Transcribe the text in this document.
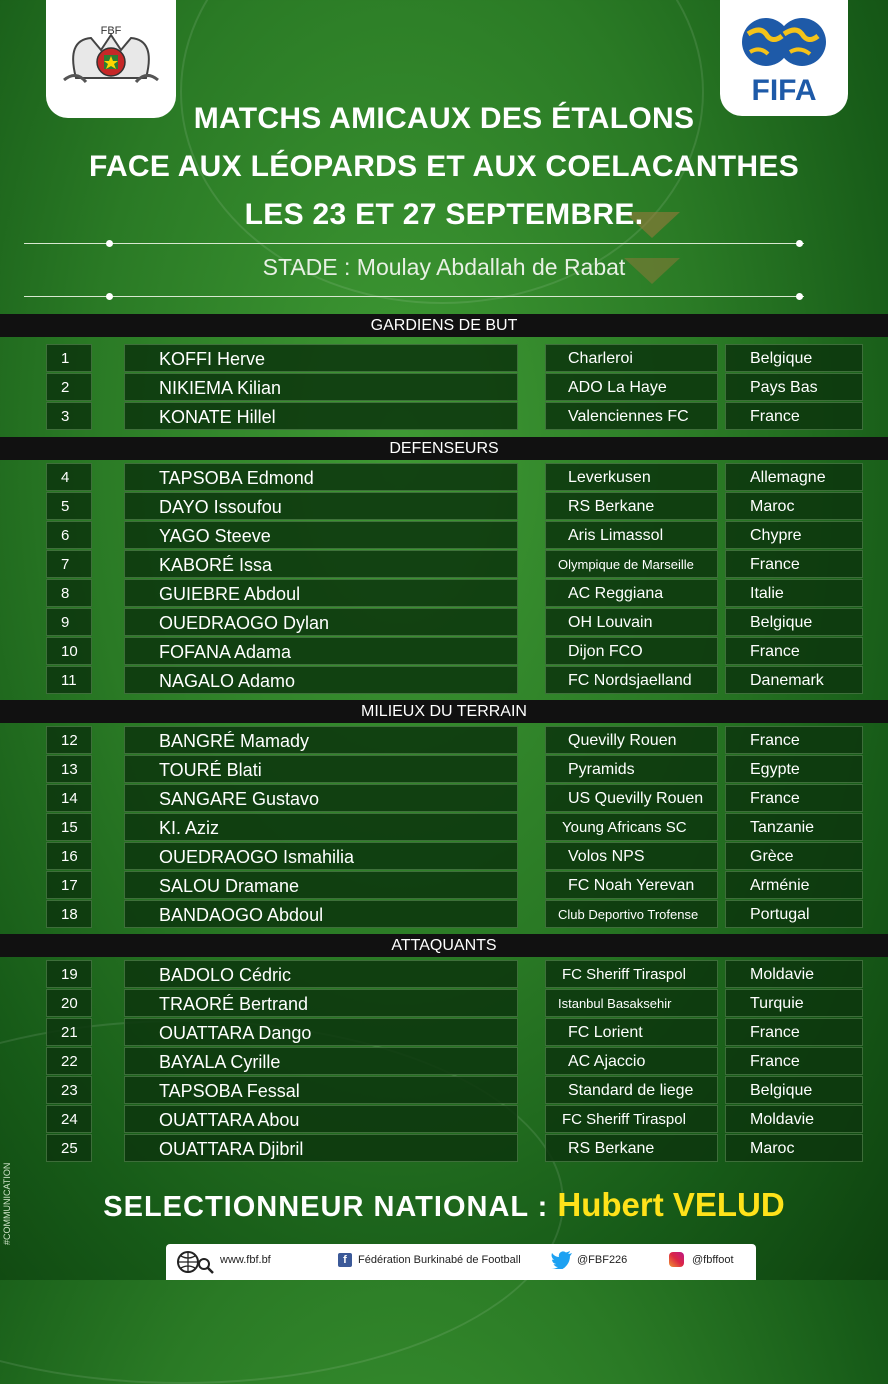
FBF
FIFA
MATCHS AMICAUX DES ÉTALONS
FACE AUX LÉOPARDS ET AUX COELACANTHES
LES 23 ET 27 SEPTEMBRE.
STADE : Moulay Abdallah de Rabat
GARDIENS DE BUT
1	KOFFI Herve	Charleroi	Belgique
2	NIKIEMA Kilian	ADO La Haye	Pays Bas
3	KONATE Hillel	Valenciennes FC	France
DEFENSEURS
4	TAPSOBA Edmond	Leverkusen	Allemagne
5	DAYO Issoufou	RS Berkane	Maroc
6	YAGO Steeve	Aris Limassol	Chypre
7	KABORÉ Issa	Olympique de Marseille	France
8	GUIEBRE Abdoul	AC Reggiana	Italie
9	OUEDRAOGO Dylan	OH Louvain	Belgique
10	FOFANA Adama	Dijon FCO	France
11	NAGALO Adamo	FC Nordsjaelland	Danemark
MILIEUX DU TERRAIN
12	BANGRÉ Mamady	Quevilly Rouen	France
13	TOURÉ Blati	Pyramids	Egypte
14	SANGARE Gustavo	US Quevilly Rouen	France
15	KI. Aziz	Young Africans SC	Tanzanie
16	OUEDRAOGO Ismahilia	Volos NPS	Grèce
17	SALOU Dramane	FC Noah Yerevan	Arménie
18	BANDAOGO Abdoul	Club Deportivo Trofense	Portugal
ATTAQUANTS
19	BADOLO Cédric	FC Sheriff Tiraspol	Moldavie
20	TRAORÉ Bertrand	Istanbul Basaksehir	Turquie
21	OUATTARA Dango	FC Lorient	France
22	BAYALA Cyrille	AC Ajaccio	France
23	TAPSOBA Fessal	Standard de liege	Belgique
24	OUATTARA Abou	FC Sheriff Tiraspol	Moldavie
25	OUATTARA Djibril	RS Berkane	Maroc
SELECTIONNEUR NATIONAL : Hubert VELUD
www.fbf.bf	f	Fédération Burkinabé de Football	@FBF226	@fbffoot
#COMMUNICATION
